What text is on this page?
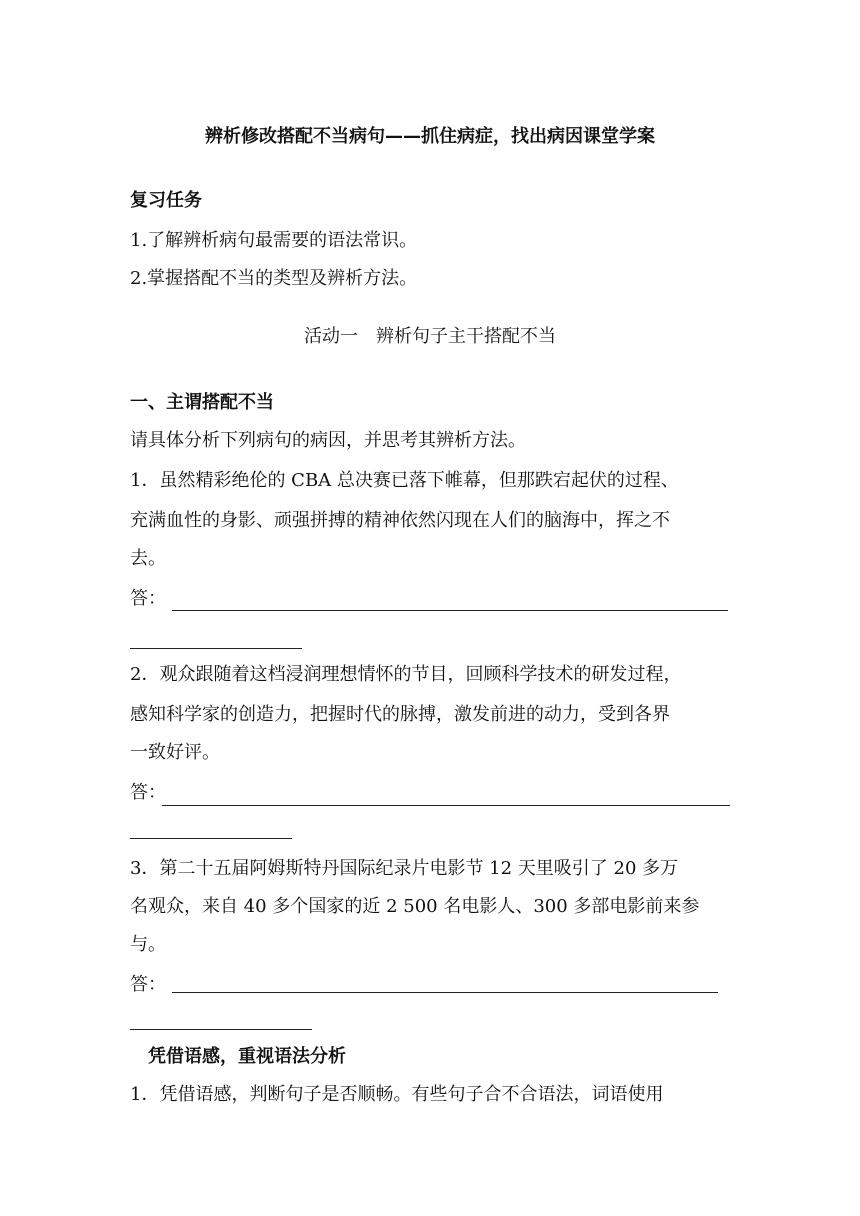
辨析修改搭配不当病句——抓住病症，找出病因课堂学案
复习任务
1.了解辨析病句最需要的语法常识。
2.掌握搭配不当的类型及辨析方法。
活动一　辨析句子主干搭配不当
一、主谓搭配不当
请具体分析下列病句的病因，并思考其辨析方法。
1．虽然精彩绝伦的 CBA 总决赛已落下帷幕，但那跌宕起伏的过程、
充满血性的身影、顽强拼搏的精神依然闪现在人们的脑海中，挥之不
去。
答：
2．观众跟随着这档浸润理想情怀的节目，回顾科学技术的研发过程，
感知科学家的创造力，把握时代的脉搏，激发前进的动力，受到各界
一致好评。
答：
3．第二十五届阿姆斯特丹国际纪录片电影节 12 天里吸引了 20 多万
名观众，来自 40 多个国家的近 2 500 名电影人、300 多部电影前来参
与。
答：
凭借语感，重视语法分析
1．凭借语感，判断句子是否顺畅。有些句子合不合语法，词语使用
